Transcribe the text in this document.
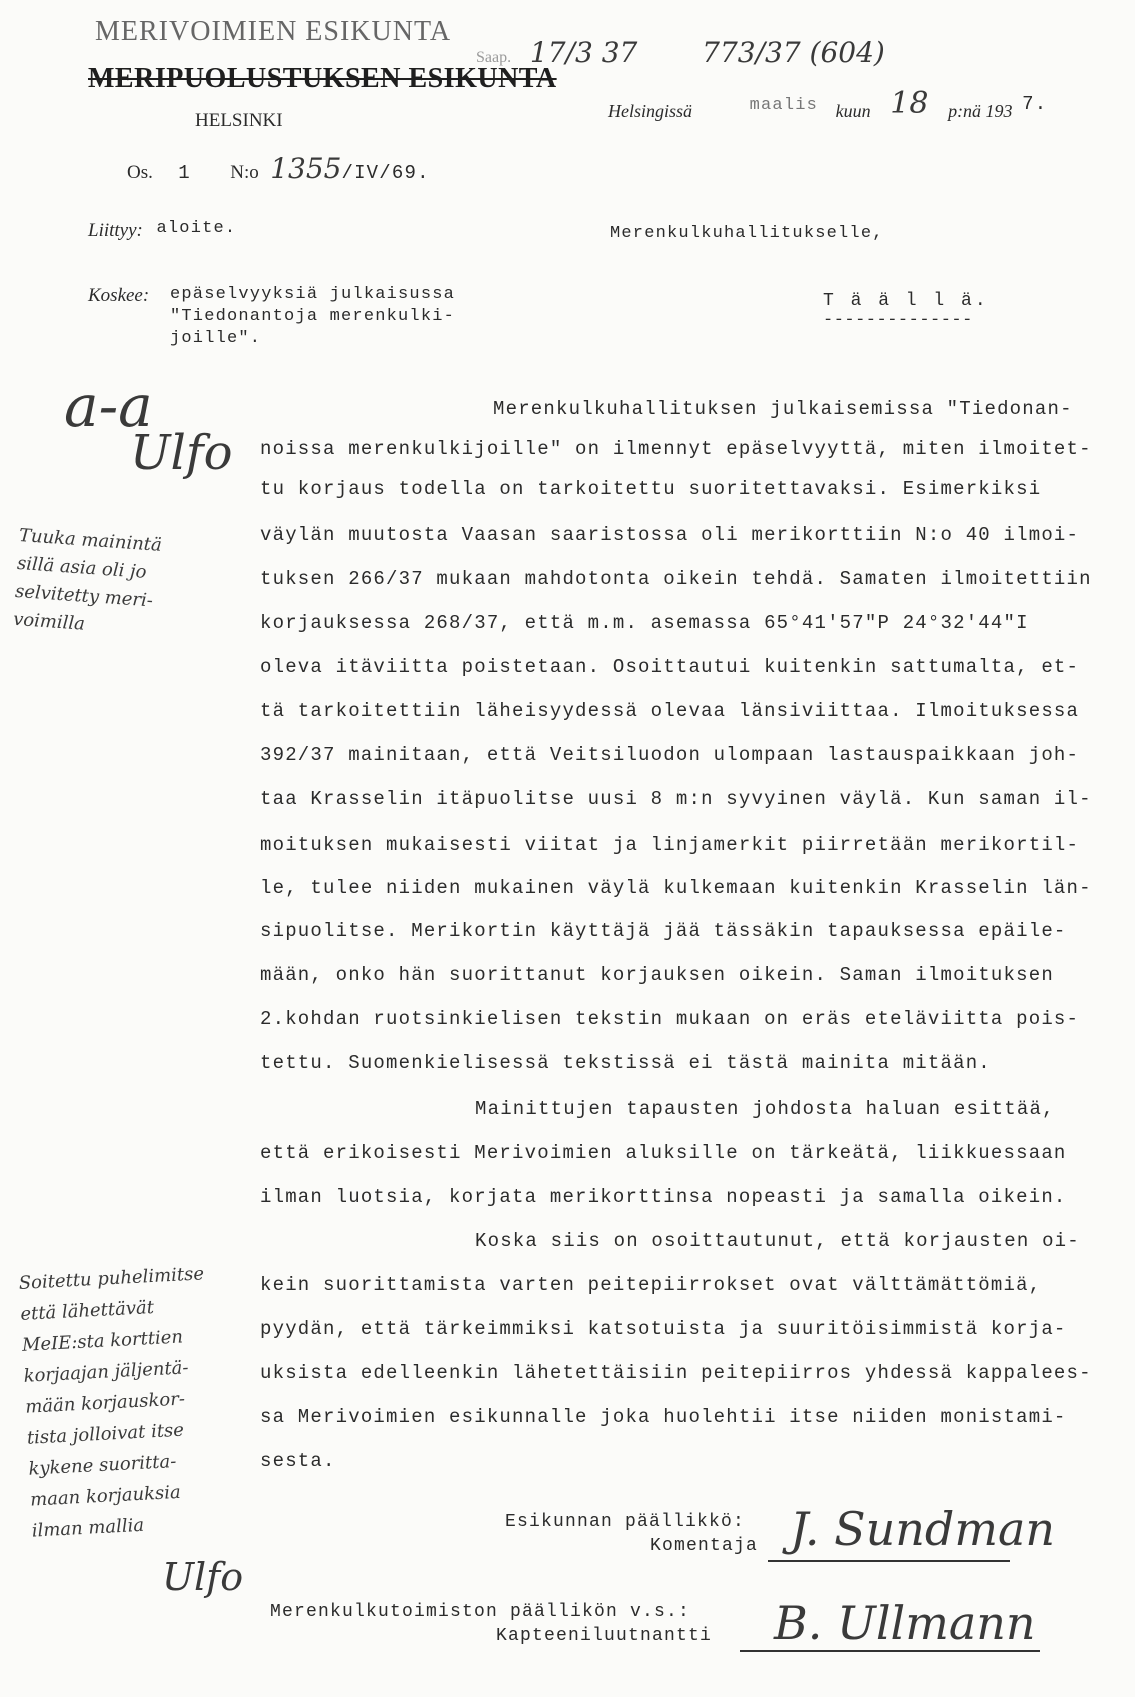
MERIVOIMIEN ESIKUNTA
MERIPUOLUSTUKSEN ESIKUNTA
HELSINKI
Os. 1 N:o 1355/IV/69.
Saap. 17/3 37 773/37 (604)
Helsingissä	maalis kuun 18 p:nä 193 7.
Liittyy: aloite.	Merenkulkuhallitukselle,
T ä ä l l ä.
--------------
Koskee: epäselvyyksiä julkaisussa
"Tiedonantoja merenkulki-
joille".
a-a
Ulfo
Tuuka mainintä
sillä asia oli jo
selvitetty meri-
voimilla
Merenkulkuhallituksen julkaisemissa "Tiedonan-
noissa merenkulkijoille" on ilmennyt epäselvyyttä, miten ilmoitet-
tu korjaus todella on tarkoitettu suoritettavaksi. Esimerkiksi
väylän muutosta Vaasan saaristossa oli merikorttiin N:o 40 ilmoi-
tuksen 266/37 mukaan mahdotonta oikein tehdä. Samaten ilmoitettiin
korjauksessa 268/37, että m.m. asemassa 65°41'57"P 24°32'44"I
oleva itäviitta poistetaan. Osoittautui kuitenkin sattumalta, et-
tä tarkoitettiin läheisyydessä olevaa länsiviittaa. Ilmoituksessa
392/37 mainitaan, että Veitsiluodon ulompaan lastauspaikkaan joh-
taa Krasselin itäpuolitse uusi 8 m:n syvyinen väylä. Kun saman il-
moituksen mukaisesti viitat ja linjamerkit piirretään merikortil-
le, tulee niiden mukainen väylä kulkemaan kuitenkin Krasselin län-
sipuolitse. Merikortin käyttäjä jää tässäkin tapauksessa epäile-
mään, onko hän suorittanut korjauksen oikein. Saman ilmoituksen
2.kohdan ruotsinkielisen tekstin mukaan on eräs eteläviitta pois-
tettu. Suomenkielisessä tekstissä ei tästä mainita mitään.
Mainittujen tapausten johdosta haluan esittää,
että erikoisesti Merivoimien aluksille on tärkeätä, liikkuessaan
ilman luotsia, korjata merikorttinsa nopeasti ja samalla oikein.
Koska siis on osoittautunut, että korjausten oi-
kein suorittamista varten peitepiirrokset ovat välttämättömiä,
pyydän, että tärkeimmiksi katsotuista ja suuritöisimmistä korja-
uksista edelleenkin lähetettäisiin peitepiirros yhdessä kappalees-
sa Merivoimien esikunnalle joka huolehtii itse niiden monistami-
sesta.
Soitettu puhelimitse
että lähettävät
MeIE:sta korttien
korjaajan jäljentä-
mään korjauskor-
tista jolloivat itse
kykene suoritta-
maan korjauksia
ilman mallia
Ulfo
Esikunnan päällikkö:
Komentaja J. Sundman
Merenkulkutoimiston päällikön v.s.:
Kapteeniluutnantti B. Ullmann
